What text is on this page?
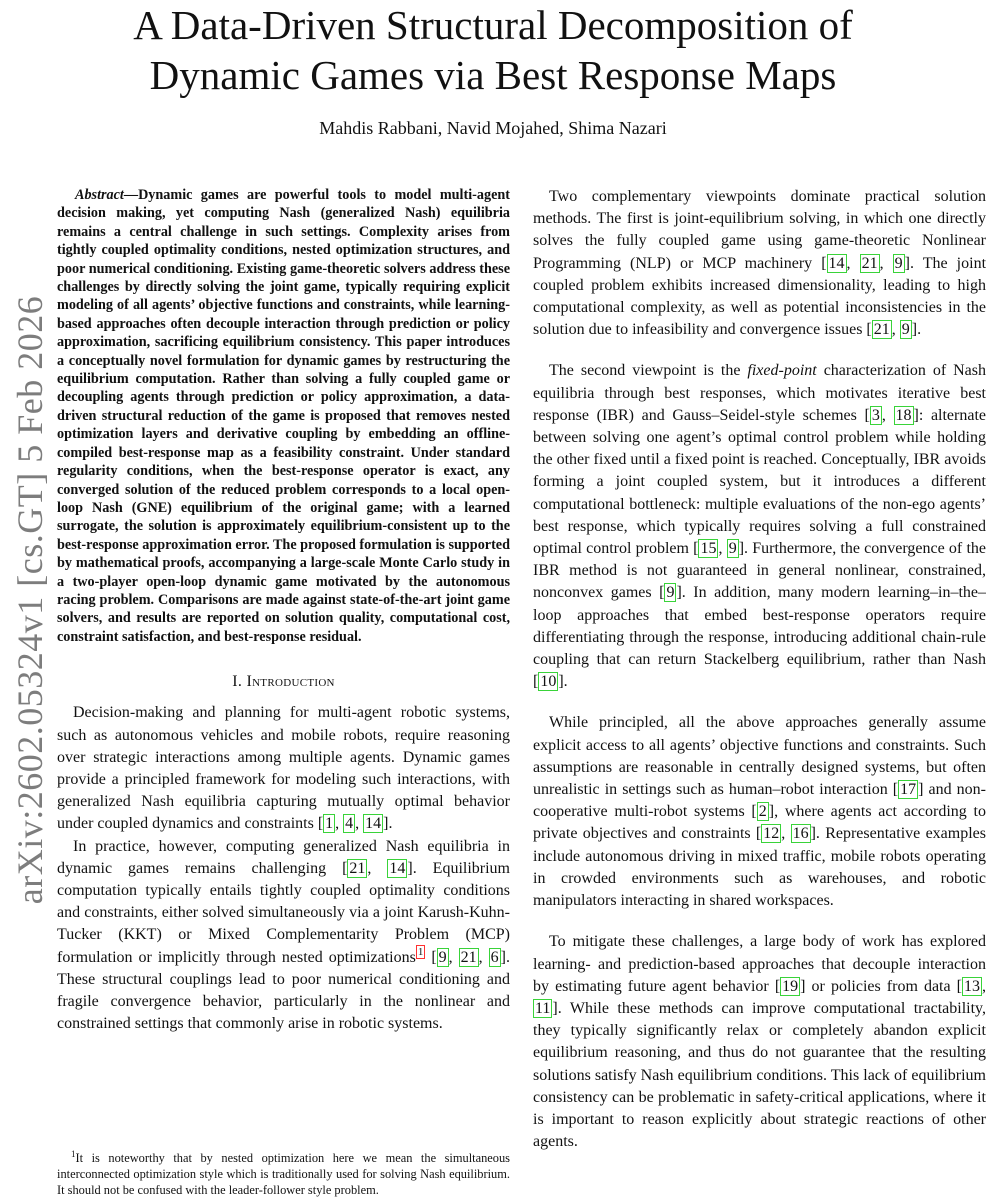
A Data-Driven Structural Decomposition of
Dynamic Games via Best Response Maps
Mahdis Rabbani, Navid Mojahed, Shima Nazari
arXiv:2602.05324v1 [cs.GT] 5 Feb 2026

Abstract—Dynamic games are powerful tools to model multi-agent decision making, yet computing Nash (generalized Nash) equilibria remains a central challenge in such settings. Complexity arises from tightly coupled optimality conditions, nested optimization structures, and poor numerical conditioning. Existing game-theoretic solvers address these challenges by directly solving the joint game, typically requiring explicit modeling of all agents’ objective functions and constraints, while learning-based approaches often decouple interaction through prediction or policy approximation, sacrificing equilibrium consistency. This paper introduces a conceptually novel formulation for dynamic games by restructuring the equilibrium computation. Rather than solving a fully coupled game or decoupling agents through prediction or policy approximation, a data-driven structural reduction of the game is proposed that removes nested optimization layers and derivative coupling by embedding an offline-compiled best-response map as a feasibility constraint. Under standard regularity conditions, when the best-response operator is exact, any converged solution of the reduced problem corresponds to a local open-loop Nash (GNE) equilibrium of the original game; with a learned surrogate, the solution is approximately equilibrium-consistent up to the best-response approximation error. The proposed formulation is supported by mathematical proofs, accompanying a large-scale Monte Carlo study in a two-player open-loop dynamic game motivated by the autonomous racing problem. Comparisons are made against state-of-the-art joint game solvers, and results are reported on solution quality, computational cost, constraint satisfaction, and best-response residual.

I. Introduction

Decision-making and planning for multi-agent robotic systems, such as autonomous vehicles and mobile robots, require reasoning over strategic interactions among multiple agents. Dynamic games provide a principled framework for modeling such interactions, with generalized Nash equilibria capturing mutually optimal behavior under coupled dynamics and constraints [ 1 , 4 , 14 ].

In practice, however, computing generalized Nash equilibria in dynamic games remains challenging [ 21 , 14 ]. Equilibrium computation typically entails tightly coupled optimality conditions and constraints, either solved simultaneously via a joint Karush-Kuhn-Tucker (KKT) or Mixed Complementarity Problem (MCP) formulation or implicitly through nested optimizations $^1$ [ 9 , 21 , 6 ]. These structural couplings lead to poor numerical conditioning and fragile convergence behavior, particularly in the nonlinear and constrained settings that commonly arise in robotic systems.

$^1$It is noteworthy that by nested optimization here we mean the simultaneous interconnected optimization style which is traditionally used for solving Nash equilibrium. It should not be confused with the leader-follower style problem.

Two complementary viewpoints dominate practical solution methods. The first is joint-equilibrium solving, in which one directly solves the fully coupled game using game-theoretic Nonlinear Programming (NLP) or MCP machinery [ 14 , 21 , 9 ]. The joint coupled problem exhibits increased dimensionality, leading to high computational complexity, as well as potential inconsistencies in the solution due to infeasibility and convergence issues [ 21 , 9 ].

The second viewpoint is the fixed-point characterization of Nash equilibria through best responses, which motivates iterative best response (IBR) and Gauss–Seidel-style schemes [ 3 , 18 ]: alternate between solving one agent’s optimal control problem while holding the other fixed until a fixed point is reached. Conceptually, IBR avoids forming a joint coupled system, but it introduces a different computational bottleneck: multiple evaluations of the non-ego agents’ best response, which typically requires solving a full constrained optimal control problem [ 15 , 9 ]. Furthermore, the convergence of the IBR method is not guaranteed in general nonlinear, constrained, nonconvex games [ 9 ]. In addition, many modern learning–in–the–loop approaches that embed best-response operators require differentiating through the response, introducing additional chain-rule coupling that can return Stackelberg equilibrium, rather than Nash [ 10 ].

While principled, all the above approaches generally assume explicit access to all agents’ objective functions and constraints. Such assumptions are reasonable in centrally designed systems, but often unrealistic in settings such as human–robot interaction [ 17 ] and non-cooperative multi-robot systems [ 2 ], where agents act according to private objectives and constraints [ 12 , 16 ]. Representative examples include autonomous driving in mixed traffic, mobile robots operating in crowded environments such as warehouses, and robotic manipulators interacting in shared workspaces.

To mitigate these challenges, a large body of work has explored learning- and prediction-based approaches that decouple interaction by estimating future agent behavior [ 19 ] or policies from data [ 13 , 11 ]. While these methods can improve computational tractability, they typically significantly relax or completely abandon explicit equilibrium reasoning, and thus do not guarantee that the resulting solutions satisfy Nash equilibrium conditions. This lack of equilibrium consistency can be problematic in safety-critical applications, where it is important to reason explicitly about strategic reactions of other agents.
